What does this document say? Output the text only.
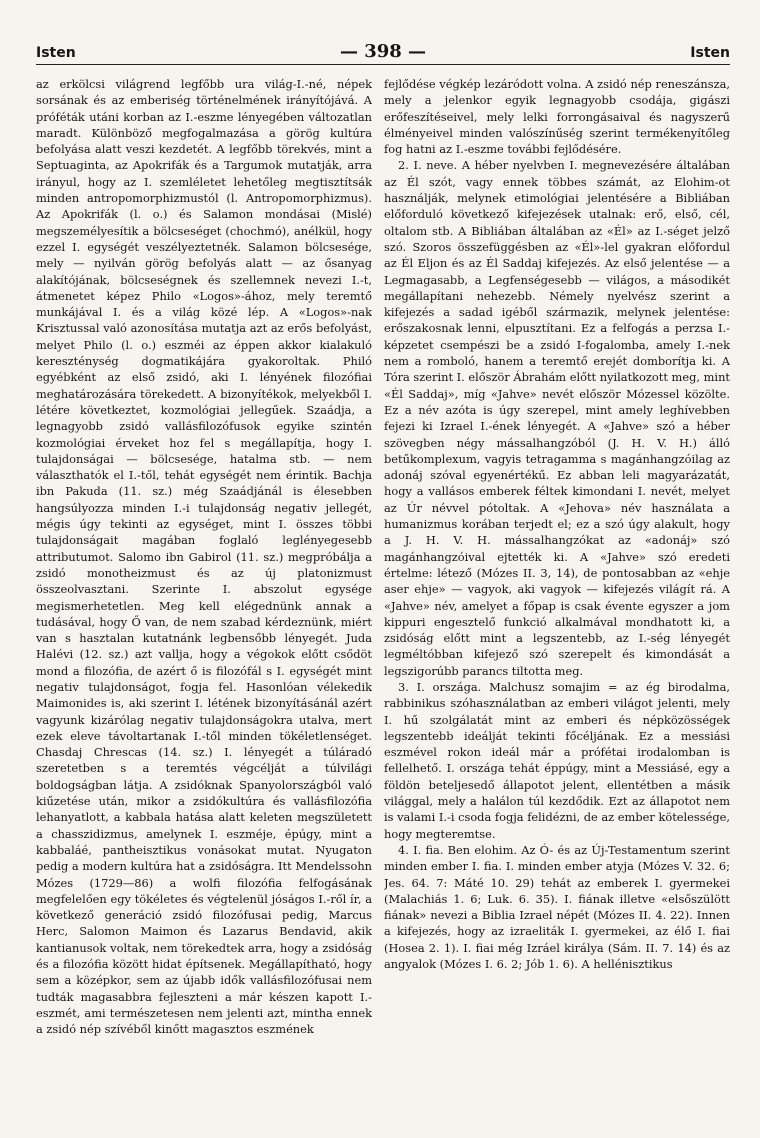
Isten	— 398 —	Isten

az erkölcsi világrend legfőbb ura világ-I.-né, népek sorsának és az emberiség történelmének irányítójává. A próféták utáni korban az I.-eszme lényegében változatlan maradt. Különböző megfogalmazása a görög kultúra befolyása alatt veszi kezdetét. A legfőbb törekvés, mint a Septuaginta, az Apokrifák és a Targumok mutatják, arra irányul, hogy az I. szemléletet lehetőleg megtisztítsák minden antropomorphizmustól (l. Antropomorphizmus). Az Apokrifák (l. o.) és Salamon mondásai (Mislé) megszemélyesítik a bölcseséget (chochmó), anélkül, hogy ezzel I. egységét veszélyeztetnék. Salamon bölcsesége, mely — nyilván görög befolyás alatt — az ősanyag alakítójának, bölcseségnek és szellemnek nevezi I.-t, átmenetet képez Philo «Logos»-ához, mely teremtő munkájával I. és a világ közé lép. A «Logos»-nak Krisztussal való azonosítása mutatja azt az erős befolyást, melyet Philo (l. o.) eszméi az éppen akkor kialakuló kereszténység dogmatikájára gyakoroltak. Philó egyébként az első zsidó, aki I. lényének filozófiai meghatározására törekedett. A bizonyítékok, melyekből I. létére következtet, kozmológiai jellegűek. Szaádja, a legnagyobb zsidó vallásfilozófusok egyike szintén kozmológiai érveket hoz fel s megállapítja, hogy I. tulajdonságai — bölcsesége, hatalma stb. — nem választhatók el I.-től, tehát egységét nem érintik. Bachja ibn Pakuda (11. sz.) még Szaádjánál is élesebben hangsúlyozza minden I.-i tulajdonság negativ jellegét, mégis úgy tekinti az egységet, mint I. összes többi tulajdonságait magában foglaló leglényegesebb attributumot. Salomo ibn Gabirol (11. sz.) megpróbálja a zsidó monotheizmust és az új platonizmust összeolvasztani. Szerinte I. abszolut egysége megismerhetetlen. Meg kell elégednünk annak a tudásával, hogy Ő van, de nem szabad kérdeznünk, miért van s hasztalan kutatnánk legbensőbb lényegét. Juda Halévi (12. sz.) azt vallja, hogy a végokok előtt csődöt mond a filozófia, de azért ő is filozófál s I. egységét mint negativ tulajdonságot, fogja fel. Hasonlóan vélekedik Maimonides is, aki szerint I. létének bizonyításánál azért vagyunk kizárólag negativ tulajdonságokra utalva, mert ezek eleve távoltartanak I.-től minden tökéletlenséget. Chasdaj Chrescas (14. sz.) I. lényegét a túláradó szeretetben s a teremtés végcélját a túlvilági boldogságban látja. A zsidóknak Spanyolországból való kiűzetése után, mikor a zsidókultúra és vallásfilozófia lehanyatlott, a kabbala hatása alatt keleten megszületett a chasszidizmus, amelynek I. eszméje, épúgy, mint a kabbaláé, pantheisztikus vonásokat mutat. Nyugaton pedig a modern kultúra hat a zsidóságra. Itt Mendelssohn Mózes (1729—86) a wolfi filozófia felfogásának megfelelően egy tökéletes és végtelenül jóságos I.-ről ír, a következő generáció zsidó filozófusai pedig, Marcus Herc, Salomon Maimon és Lazarus Bendavid, akik kantianusok voltak, nem törekedtek arra, hogy a zsidóság és a filozófia között hidat építsenek. Megállapítható, hogy sem a középkor, sem az újabb idők vallásfilozófusai nem tudták magasabbra fejleszteni a már készen kapott I.-eszmét, ami természetesen nem jelenti azt, mintha ennek a zsidó nép szívéből kinőtt magasztos eszmének

fejlődése végkép lezáródott volna. A zsidó nép reneszánsza, mely a jelenkor egyik legnagyobb csodája, gigászi erőfeszítéseivel, mely lelki forrongásaival és nagyszerű élményeivel minden valószínűség szerint termékenyítőleg fog hatni az I.-eszme további fejlődésére.

2. I. neve. A héber nyelvben I. megnevezésére általában az Él szót, vagy ennek többes számát, az Elohim-ot használják, melynek etimológiai jelentésére a Bibliában előforduló következő kifejezések utalnak: erő, első, cél, oltalom stb. A Bibliában általában az «Él» az I.-séget jelző szó. Szoros összefüggésben az «Él»-lel gyakran előfordul az Él Eljon és az Él Saddaj kifejezés. Az első jelentése — a Legmagasabb, a Legfenségesebb — világos, a másodikét megállapítani nehezebb. Némely nyelvész szerint a kifejezés a sadad igéből származik, melynek jelentése: erőszakosnak lenni, elpusztítani. Ez a felfogás a perzsa I.-képzetet csempészi be a zsidó I-fogalomba, amely I.-nek nem a romboló, hanem a teremtő erejét domborítja ki. A Tóra szerint I. először Ábrahám előtt nyilatkozott meg, mint «Él Saddaj», míg «Jahve» nevét először Mózessel közölte. Ez a név azóta is úgy szerepel, mint amely leghívebben fejezi ki Izrael I.-ének lényegét. A «Jahve» szó a héber szövegben négy mássalhangzóból (J. H. V. H.) álló betűkomplexum, vagyis tetragamma s magánhangzóilag az adonáj szóval egyenértékű. Ez abban leli magyarázatát, hogy a vallásos emberek féltek kimondani I. nevét, melyet az Úr névvel pótoltak. A «Jehova» név használata a humanizmus korában terjedt el; ez a szó úgy alakult, hogy a J. H. V. H. mássalhangzókat az «adonáj» szó magánhangzóival ejtették ki. A «Jahve» szó eredeti értelme: létező (Mózes II. 3, 14), de pontosabban az «ehje aser ehje» — vagyok, aki vagyok — kifejezés világít rá. A «Jahve» név, amelyet a főpap is csak évente egyszer a jom kippuri engesztelő funkció alkalmával mondhatott ki, a zsidóság előtt mint a legszentebb, az I.-ség lényegét legméltóbban kifejező szó szerepelt és kimondását a legszigorúbb parancs tiltotta meg.

3. I. országa. Malchusz somajim = az ég birodalma, rabbinikus szóhasználatban az emberi világot jelenti, mely I. hű szolgálatát mint az emberi és népközösségek legszentebb ideálját tekinti főcéljának. Ez a messiási eszmével rokon ideál már a prófétai irodalomban is fellelhető. I. országa tehát éppúgy, mint a Messiásé, egy a földön beteljesedő állapotot jelent, ellentétben a másik világgal, mely a halálon túl kezdődik. Ezt az állapotot nem is valami I.-i csoda fogja felidézni, de az ember kötelessége, hogy megteremtse.

4. I. fia. Ben elohim. Az Ó- és az Új-Testamentum szerint minden ember I. fia. I. minden ember atyja (Mózes V. 32. 6; Jes. 64. 7: Máté 10. 29) tehát az emberek I. gyermekei (Malachiás 1. 6; Luk. 6. 35). I. fiának illetve «elsőszülött fiának» nevezi a Biblia Izrael népét (Mózes II. 4. 22). Innen a kifejezés, hogy az izraeliták I. gyermekei, az élő I. fiai (Hosea 2. 1). I. fiai még Izráel királya (Sám. II. 7. 14) és az angyalok (Mózes I. 6. 2; Jób 1. 6). A hellénisztikus
